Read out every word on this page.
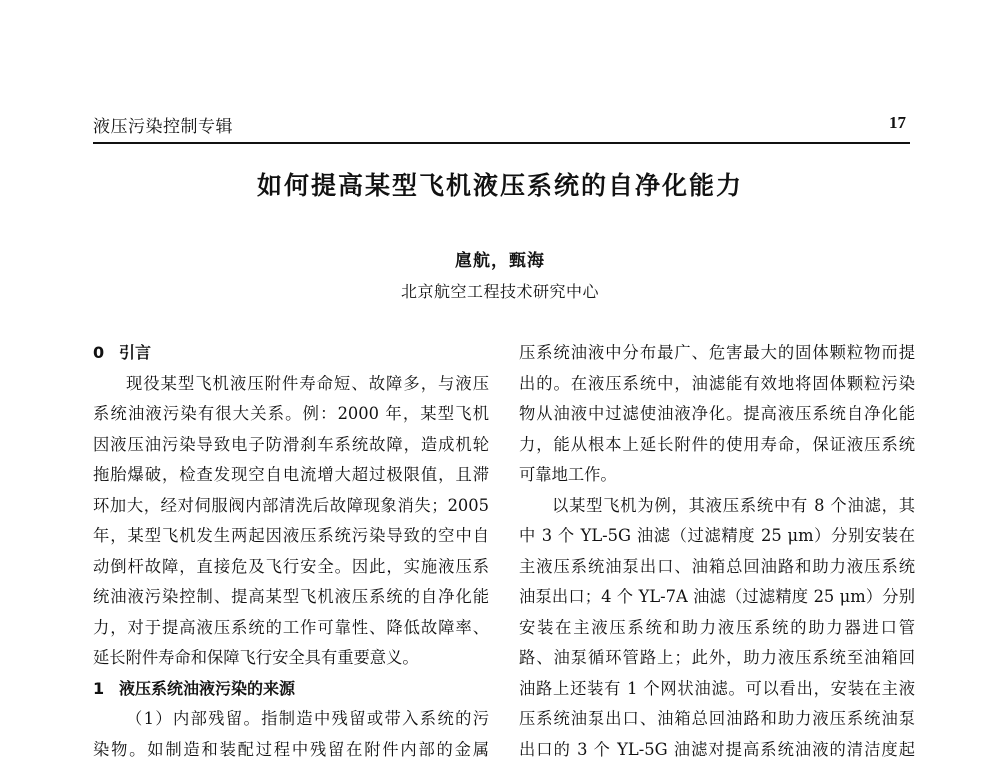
液压污染控制专辑	17
如何提高某型飞机液压系统的自净化能力
扈航，甄海
北京航空工程技术研究中心
0 引言
现役某型飞机液压附件寿命短、故障多，与液压
系统油液污染有很大关系。例：2000 年，某型飞机
因液压油污染导致电子防滑刹车系统故障，造成机轮
拖胎爆破，检查发现空自电流增大超过极限值，且滞
环加大，经对伺服阀内部清洗后故障现象消失；2005
年，某型飞机发生两起因液压系统污染导致的空中自
动倒杆故障，直接危及飞行安全。因此，实施液压系
统油液污染控制、提高某型飞机液压系统的自净化能
力，对于提高液压系统的工作可靠性、降低故障率、
延长附件寿命和保障飞行安全具有重要意义。
1 液压系统油液污染的来源
（1）内部残留。指制造中残留或带入系统的污
染物。如制造和装配过程中残留在附件内部的金属
压系统油液中分布最广、危害最大的固体颗粒物而提
出的。在液压系统中，油滤能有效地将固体颗粒污染
物从油液中过滤使油液净化。提高液压系统自净化能
力，能从根本上延长附件的使用寿命，保证液压系统
可靠地工作。
以某型飞机为例，其液压系统中有 8 个油滤，其
中 3 个 YL-5G 油滤（过滤精度 25 μm）分别安装在
主液压系统油泵出口、油箱总回油路和助力液压系统
油泵出口；4 个 YL-7A 油滤（过滤精度 25 μm）分别
安装在主液压系统和助力液压系统的助力器进口管
路、油泵循环管路上；此外，助力液压系统至油箱回
油路上还装有 1 个网状油滤。可以看出，安装在主液
压系统油泵出口、油箱总回油路和助力液压系统油泵
出口的 3 个 YL-5G 油滤对提高系统油液的清洁度起
